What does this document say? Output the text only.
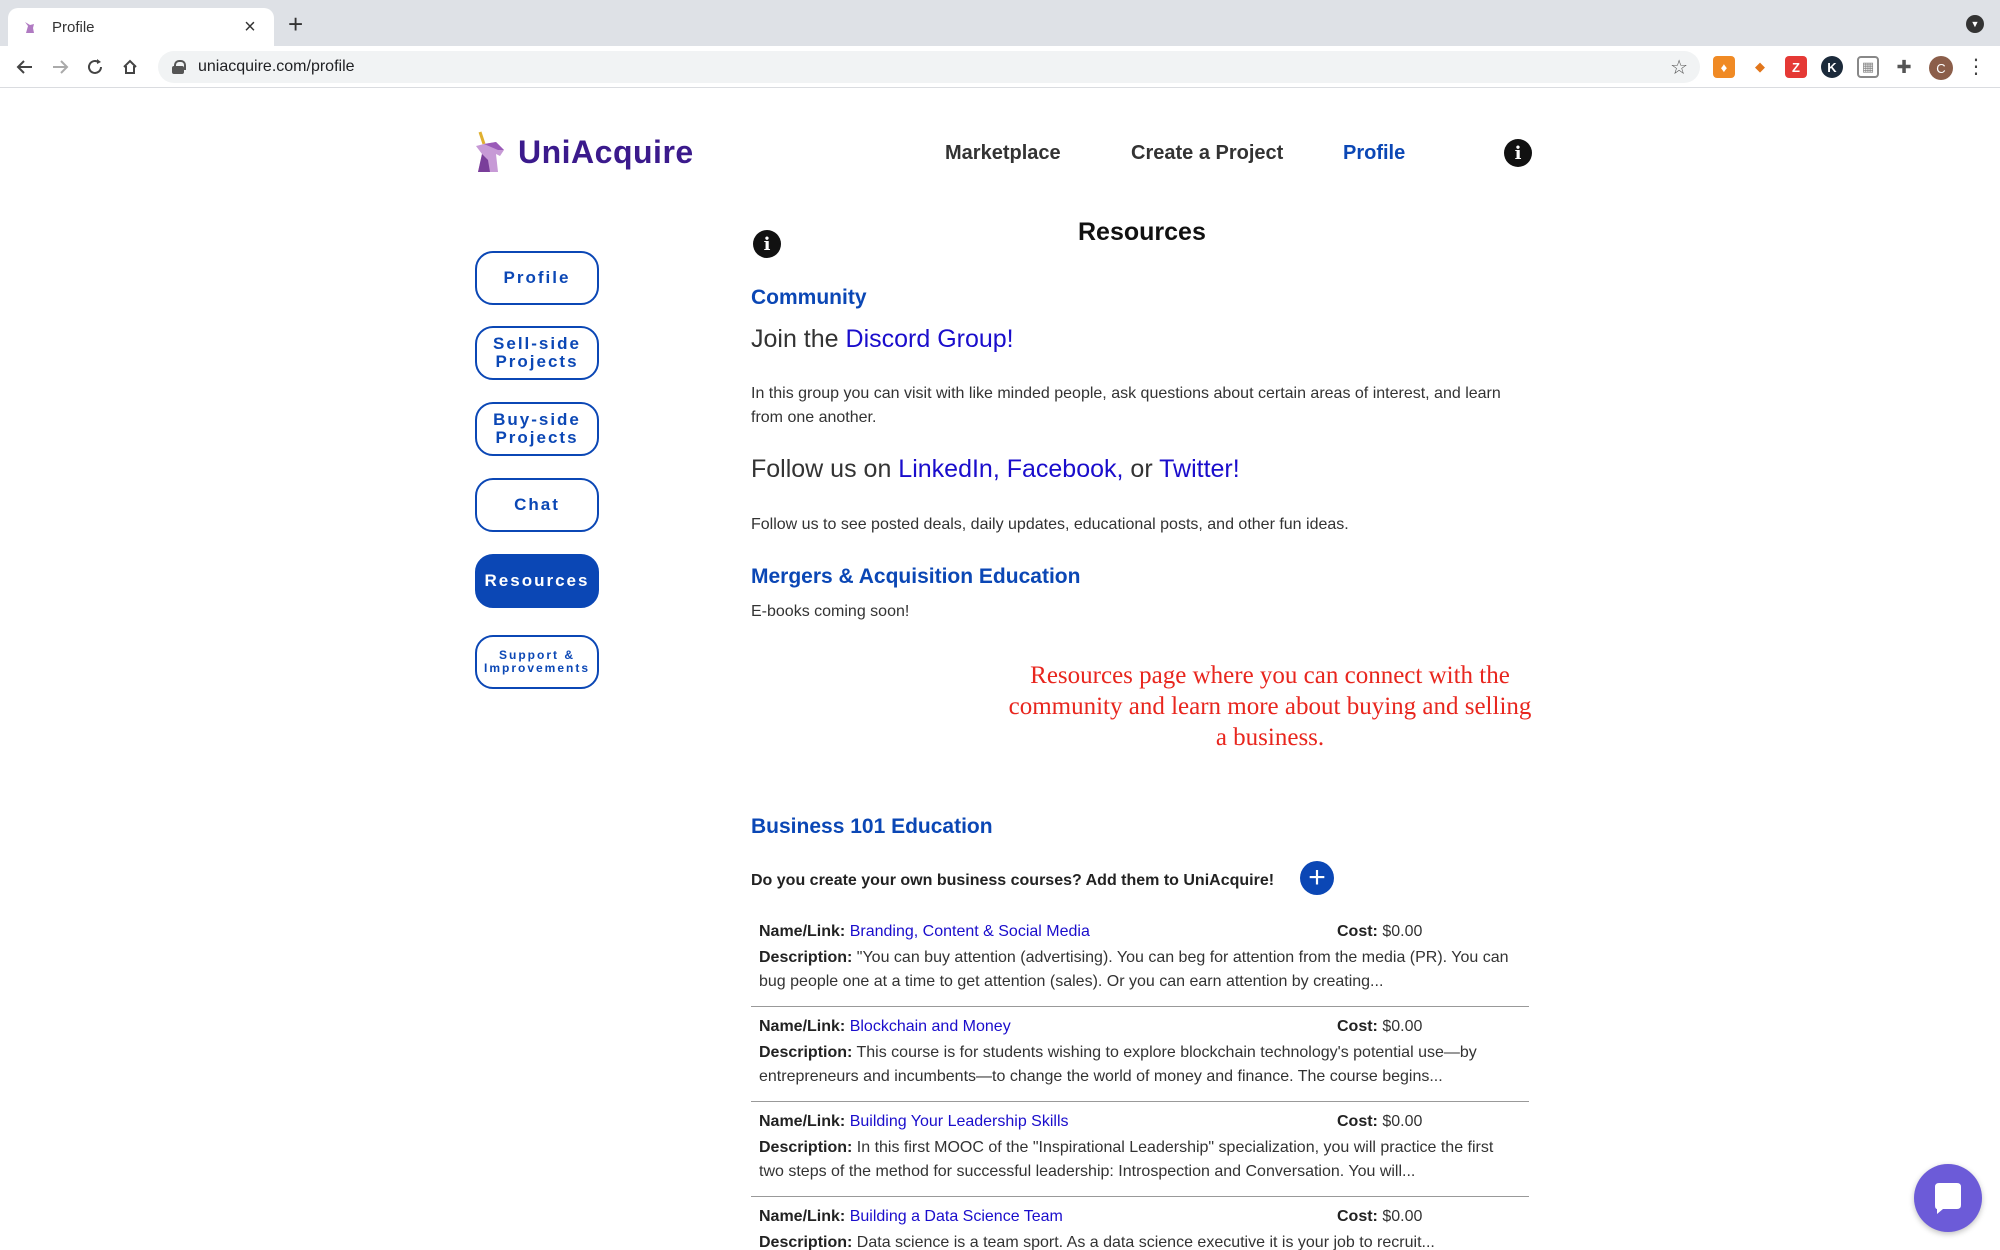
Profile	× +	▼
uniacquire.com/profile	☆	♦	◆	Z	K	▦ ✚	C	⋮
UniAcquire	Marketplace	Create a Project	Profile	i
Profile
Sell-side Projects
Buy-side Projects
Chat
Resources
Support & Improvements
i	Resources
Community
Join the Discord Group!
In this group you can visit with like minded people, ask questions about certain areas of interest, and learn from one another.
Follow us on LinkedIn, Facebook, or Twitter!
Follow us to see posted deals, daily updates, educational posts, and other fun ideas.
Mergers & Acquisition Education
E-books coming soon!
Resources page where you can connect with the community and learn more about buying and selling a business.
Business 101 Education
Do you create your own business courses? Add them to UniAcquire! +
Name/Link: Branding, Content & Social Media	Cost: $0.00
Description: "You can buy attention (advertising). You can beg for attention from the media (PR). You can bug people one at a time to get attention (sales). Or you can earn attention by creating...
Name/Link: Blockchain and Money	Cost: $0.00
Description: This course is for students wishing to explore blockchain technology's potential use—by entrepreneurs and incumbents—to change the world of money and finance. The course begins...
Name/Link: Building Your Leadership Skills	Cost: $0.00
Description: In this first MOOC of the "Inspirational Leadership" specialization, you will practice the first two steps of the method for successful leadership: Introspection and Conversation. You will...
Name/Link: Building a Data Science Team	Cost: $0.00
Description: Data science is a team sport. As a data science executive it is your job to recruit...
